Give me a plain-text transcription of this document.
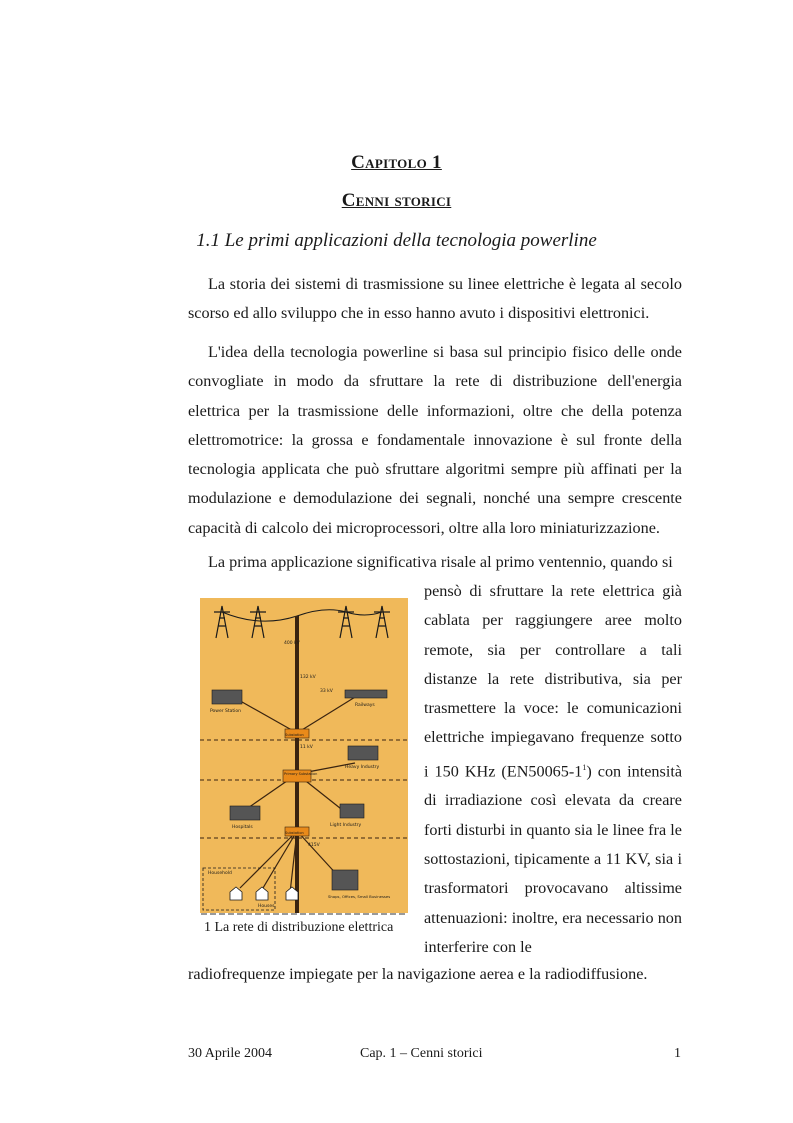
Capitolo 1
Cenni storici
1.1 Le primi applicazioni della tecnologia powerline

La storia dei sistemi di trasmissione su linee elettriche è legata al secolo scorso ed allo sviluppo che in esso hanno avuto i dispositivi elettronici.

L'idea della tecnologia powerline si basa sul principio fisico delle onde convogliate in modo da sfruttare la rete di distribuzione dell'energia elettrica per la trasmissione delle informazioni, oltre che della potenza elettromotrice: la grossa e fondamentale innovazione è sul fronte della tecnologia applicata che può sfruttare algoritmi sempre più affinati per la modulazione e demodulazione dei segnali, nonché una sempre crescente capacità di calcolo dei microprocessori, oltre alla loro miniaturizzazione.

La prima applicazione significativa risale al primo ventennio, quando si

pensò di sfruttare la rete elettrica già cablata per raggiungere aree molto remote, sia per controllare a tali distanze la rete distributiva, sia per trasmettere la voce: le comunicazioni elettriche impiegavano frequenze sotto i 150 KHz $(EN50065-1^1)$ con intensità di irradiazione così elevata da creare forti disturbi in quanto sia le linee fra le sottostazioni, tipicamente a 11 KV, sia i trasformatori provocavano altissime attenuazioni: inoltre, era necessario non interferire con le

radiofrequenze impiegate per la navigazione aerea e la radiodiffusione.
400 kV
132 kV
33 kV
11 kV
Power Station
Railways
Substation
Heavy Industry
Primary Substation
Hospitals	Light Industry
Substation
415V
Household
Houses
Shops, Offices, Small Businesses
1 La rete di distribuzione elettrica
30 Aprile 2004	Cap. 1 – Cenni storici	1
